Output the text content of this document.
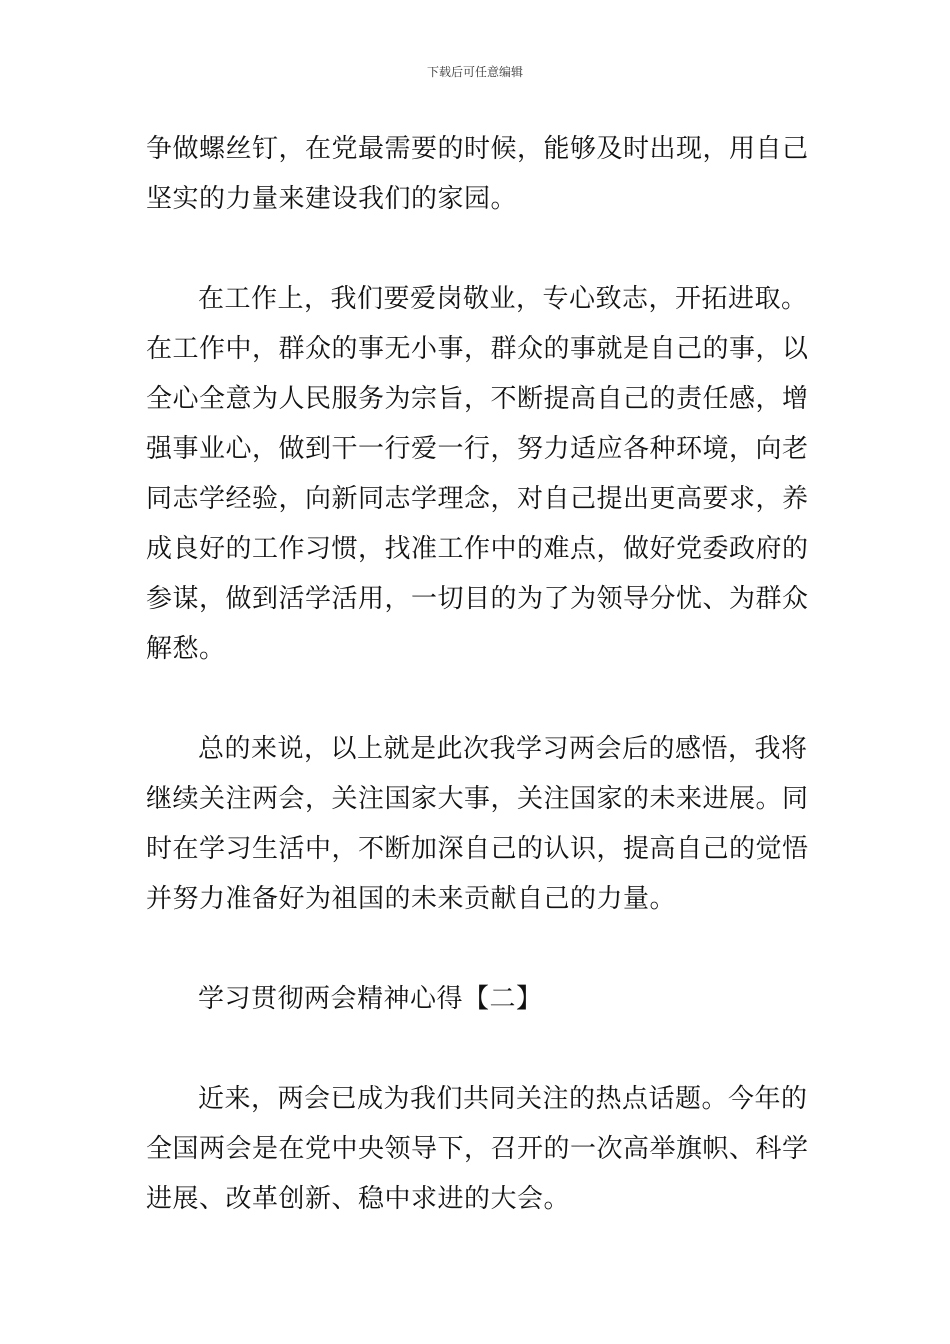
下载后可任意编辑
争做螺丝钉，在党最需要的时候，能够及时出现，用自己
坚实的力量来建设我们的家园。
在工作上，我们要爱岗敬业，专心致志，开拓进取。
在工作中，群众的事无小事，群众的事就是自己的事，以
全心全意为人民服务为宗旨，不断提高自己的责任感，增
强事业心，做到干一行爱一行，努力适应各种环境，向老
同志学经验，向新同志学理念，对自己提出更高要求，养
成良好的工作习惯，找准工作中的难点，做好党委政府的
参谋，做到活学活用，一切目的为了为领导分忧、为群众
解愁。
总的来说，以上就是此次我学习两会后的感悟，我将
继续关注两会，关注国家大事，关注国家的未来进展。同
时在学习生活中，不断加深自己的认识，提高自己的觉悟
并努力准备好为祖国的未来贡献自己的力量。
学习贯彻两会精神心得【二】
近来，两会已成为我们共同关注的热点话题。今年的
全国两会是在党中央领导下，召开的一次高举旗帜、科学
进展、改革创新、稳中求进的大会。
